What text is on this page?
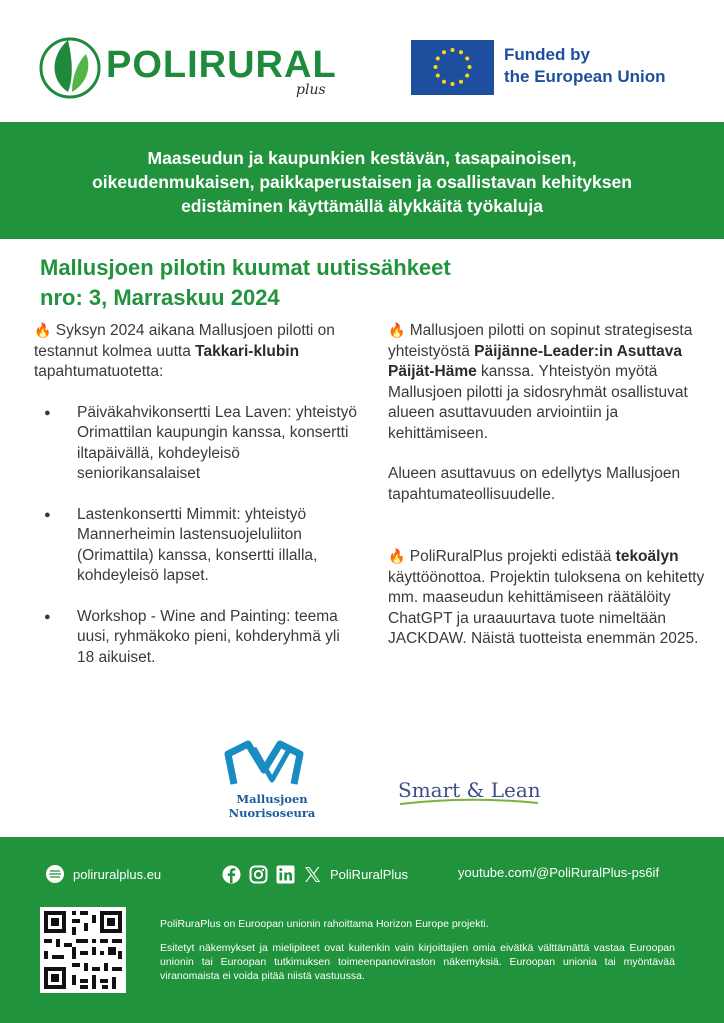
POLIRURAL
plus
Funded by
the European Union
Maaseudun ja kaupunkien kestävän, tasapainoisen,
oikeudenmukaisen, paikkaperustaisen ja osallistavan kehityksen
edistäminen käyttämällä älykkäitä työkaluja
Mallusjoen pilotin kuumat uutissähkeet
nro: 3, Marraskuu 2024
🔥 Syksyn 2024 aikana Mallusjoen pilotti on testannut kolmea uutta Takkari-klubin tapahtumatuotetta:
● Päiväkahvikonsertti Lea Laven: yhteistyö Orimattilan kaupungin kanssa, konsertti iltapäivällä, kohdeyleisö seniorikansalaiset
● Lastenkonsertti Mimmit: yhteistyö Mannerheimin lastensuojeluliiton (Orimattila) kanssa, konsertti illalla, kohdeyleisö lapset.
● Workshop - Wine and Painting: teema uusi, ryhmäkoko pieni, kohderyhmä yli 18 aikuiset.
🔥 Mallusjoen pilotti on sopinut strategisesta yhteistyöstä Päijänne-Leader:in Asuttava Päijät-Häme kanssa. Yhteistyön myötä Mallusjoen pilotti ja sidosryhmät osallistuvat alueen asuttavuuden arviointiin ja kehittämiseen.
Alueen asuttavuus on edellytys Mallusjoen tapahtumateollisuudelle.
🔥 PoliRuralPlus projekti edistää tekoälyn käyttöönottoa. Projektin tuloksena on kehitetty mm. maaseudun kehittämiseen räätälöity ChatGPT ja uraauurtava tuote nimeltään JACKDAW. Näistä tuotteista enemmän 2025.
Mallusjoen
Nuorisoseura
Smart & Lean
poliruralplus.eu	PoliRuralPlus	youtube.com/@PoliRuralPlus-ps6if

PoliRuraPlus on Euroopan unionin rahoittama Horizon Europe projekti.

Esitetyt näkemykset ja mielipiteet ovat kuitenkin vain kirjoittajien omia eivätkä välttämättä vastaa Euroopan unionin tai Euroopan tutkimuksen toimeenpanoviraston näkemyksiä. Euroopan unionia tai myöntävää viranomaista ei voida pitää niistä vastuussa.
